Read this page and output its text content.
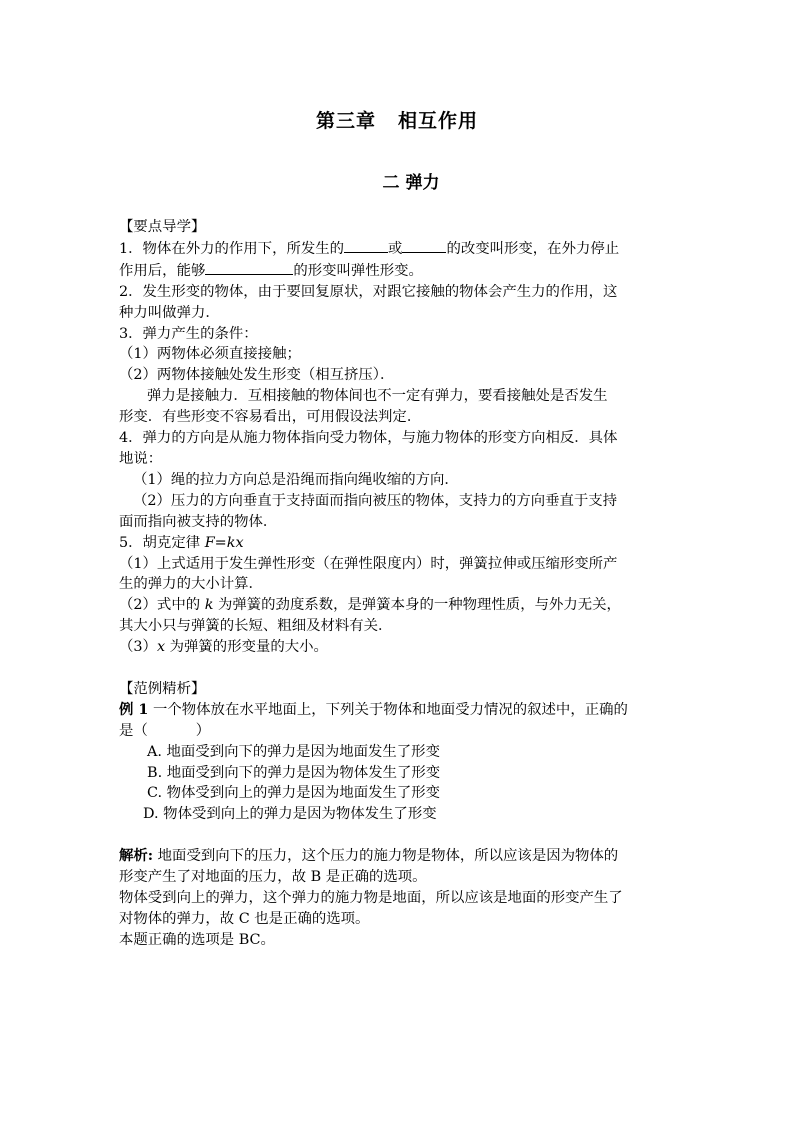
第三章 相互作用
二 弹力
【要点导学】
1．物体在外力的作用下，所发生的	或	的改变叫形变，在外力停止
作用后，能够	的形变叫弹性形变。
2．发生形变的物体，由于要回复原状，对跟它接触的物体会产生力的作用，这
种力叫做弹力．
3．弹力产生的条件：
（1）两物体必须直接接触；
（2）两物体接触处发生形变（相互挤压）．
弹力是接触力．互相接触的物体间也不一定有弹力，要看接触处是否发生
形变．有些形变不容易看出，可用假设法判定．
4．弹力的方向是从施力物体指向受力物体，与施力物体的形变方向相反．具体
地说：
（1）绳的拉力方向总是沿绳而指向绳收缩的方向．
（2）压力的方向垂直于支持面而指向被压的物体，支持力的方向垂直于支持
面而指向被支持的物体．
5．胡克定律 F=kx
（1）上式适用于发生弹性形变（在弹性限度内）时，弹簧拉伸或压缩形变所产
生的弹力的大小计算．
（2）式中的 k 为弹簧的劲度系数，是弹簧本身的一种物理性质，与外力无关，
其大小只与弹簧的长短、粗细及材料有关．
（3）x 为弹簧的形变量的大小。
【范例精析】
例 1 一个物体放在水平地面上，下列关于物体和地面受力情况的叙述中，正确的
是（	）
A. 地面受到向下的弹力是因为地面发生了形变
B. 地面受到向下的弹力是因为物体发生了形变
C. 物体受到向上的弹力是因为地面发生了形变
D. 物体受到向上的弹力是因为物体发生了形变
解析: 地面受到向下的压力，这个压力的施力物是物体，所以应该是因为物体的
形变产生了对地面的压力，故 B 是正确的选项。
物体受到向上的弹力，这个弹力的施力物是地面，所以应该是地面的形变产生了
对物体的弹力，故 C 也是正确的选项。
本题正确的选项是 BC。
